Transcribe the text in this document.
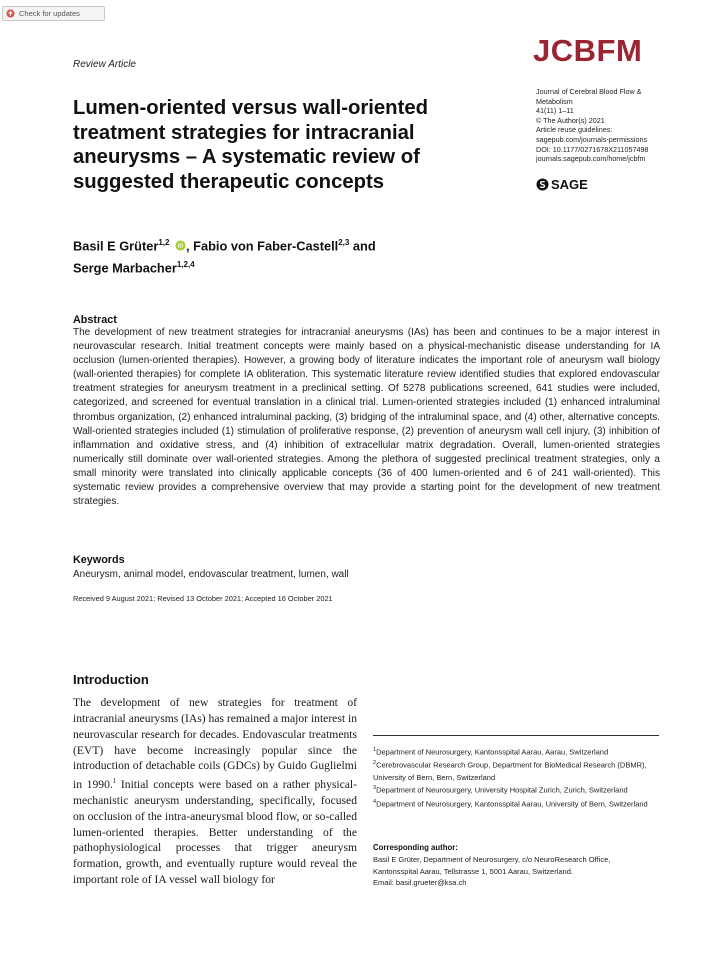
Check for updates
Review Article	JCBFM
Journal of Cerebral Blood Flow &
Metabolism
41(11) 1–11
© The Author(s) 2021
Article reuse guidelines:
sagepub.com/journals-permissions
DOI: 10.1177/0271678X211057498
journals.sagepub.com/home/jcbfm
SAGE
Lumen-oriented versus wall-oriented treatment strategies for intracranial aneurysms – A systematic review of suggested therapeutic concepts
Basil E Grüter$^{1,2}$ iD , Fabio von Faber-Castell$^{2,3}$ and
Serge Marbacher$^{1,2,4}$
Abstract

The development of new treatment strategies for intracranial aneurysms (IAs) has been and continues to be a major interest in neurovascular research. Initial treatment concepts were mainly based on a physical-mechanistic disease understanding for IA occlusion (lumen-oriented therapies). However, a growing body of literature indicates the important role of aneurysm wall biology (wall-oriented therapies) for complete IA obliteration. This systematic literature review identified studies that explored endovascular treatment strategies for aneurysm treatment in a preclinical setting. Of 5278 publications screened, 641 studies were included, categorized, and screened for eventual translation in a clinical trial. Lumen-oriented strategies included (1) enhanced intraluminal thrombus organization, (2) enhanced intraluminal packing, (3) bridging of the intraluminal space, and (4) other, alternative concepts. Wall-oriented strategies included (1) stimulation of proliferative response, (2) prevention of aneurysm wall cell injury, (3) inhibition of inflammation and oxidative stress, and (4) inhibition of extracellular matrix degradation. Overall, lumen-oriented strategies numerically still dominate over wall-oriented strategies. Among the plethora of suggested preclinical treatment strategies, only a small minority were translated into clinically applicable concepts (36 of 400 lumen-oriented and 6 of 241 wall-oriented). This systematic review provides a comprehensive overview that may provide a starting point for the development of new treatment strategies.

Keywords
Aneurysm, animal model, endovascular treatment, lumen, wall
Received 9 August 2021; Revised 13 October 2021; Accepted 16 October 2021
Introduction

The development of new strategies for treatment of intracranial aneurysms (IAs) has remained a major interest in neurovascular research for decades. Endovascular treatments (EVT) have become increasingly popular since the introduction of detachable coils (GDCs) by Guido Guglielmi in 1990.$^1$ Initial concepts were based on a rather physical-mechanistic aneurysm understanding, specifically, focused on occlusion of the intra-aneurysmal blood flow, or so-called lumen-oriented therapies. Better understanding of the pathophysiological processes that trigger aneurysm formation, growth, and eventually rupture would reveal the important role of IA vessel wall biology for

$^1$Department of Neurosurgery, Kantonsspital Aarau, Aarau, Switzerland
$^2$Cerebrovascular Research Group, Department for BioMedical Research (DBMR), University of Bern, Bern, Switzerland
$^3$Department of Neurosurgery, University Hospital Zurich, Zurich, Switzerland
$^4$Department of Neurosurgery, Kantonsspital Aarau, University of Bern, Switzerland
Corresponding author:
Basil E Grüter, Department of Neurosurgery, c/o NeuroResearch Office,
Kantonsspital Aarau, Tellstrasse 1, 5001 Aarau, Switzerland.
Email: basil.grueter@ksa.ch
